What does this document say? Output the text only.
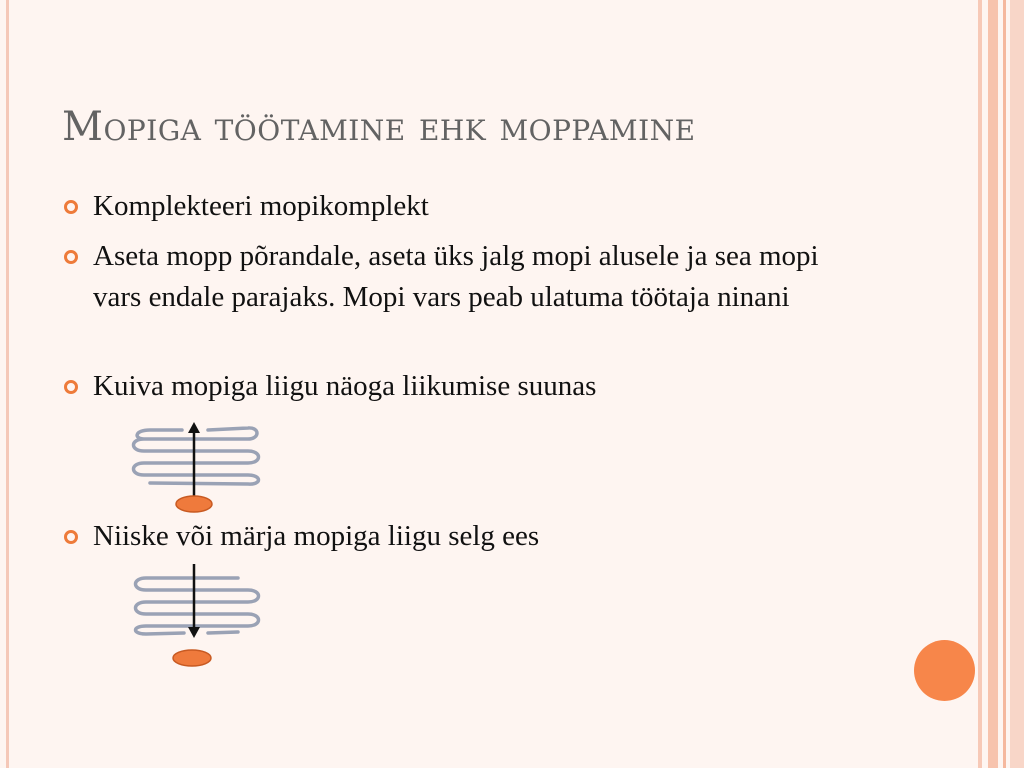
Mopiga töötamine ehk moppamine
Komplekteeri mopikomplekt
Aseta mopp põrandale, aseta üks jalg mopi alusele ja sea mopi vars endale parajaks. Mopi vars peab ulatuma töötaja ninani
Kuiva mopiga liigu näoga liikumise suunas
Niiske või märja mopiga liigu selg ees
